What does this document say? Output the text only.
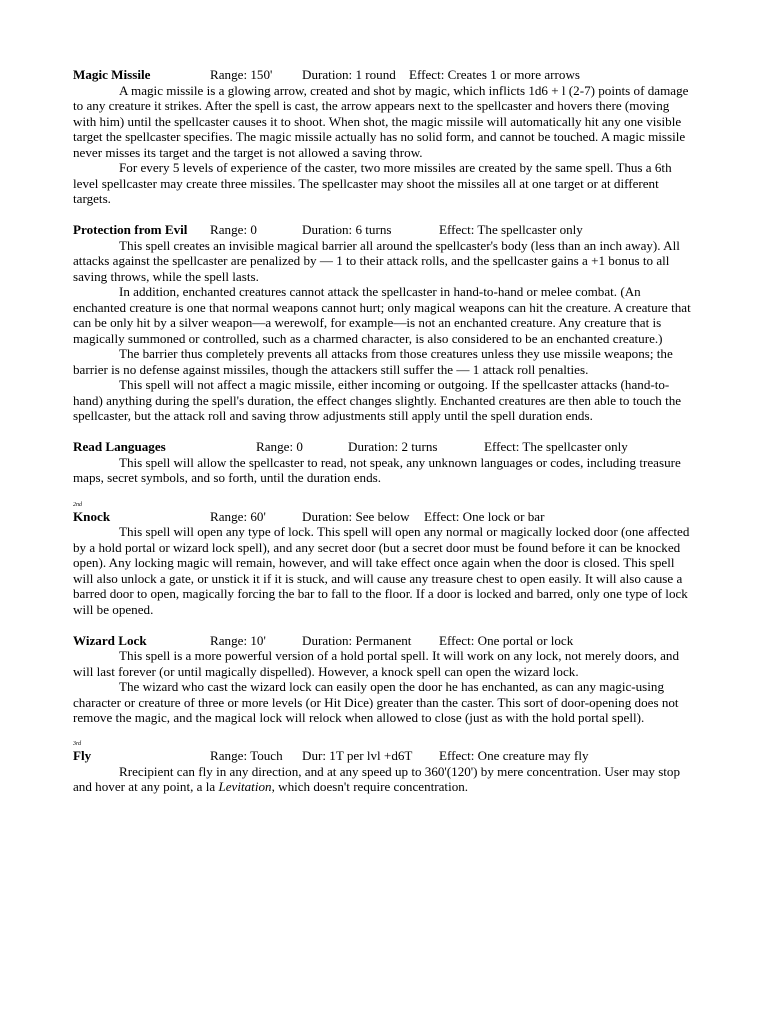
Magic Missile	Range: 150' Duration: 1 round Effect: Creates 1 or more arrows

A magic missile is a glowing arrow, created and shot by magic, which inflicts 1d6 + l (2-7) points of damage to any creature it strikes. After the spell is cast, the arrow appears next to the spellcaster and hovers there (moving with him) until the spellcaster causes it to shoot. When shot, the magic missile will automatically hit any one visible target the spellcaster specifies. The magic missile actually has no solid form, and cannot be touched. A magic missile never misses its target and the target is not allowed a saving throw.

For every 5 levels of experience of the caster, two more missiles are created by the same spell. Thus a 6th level spellcaster may create three missiles. The spellcaster may shoot the missiles all at one target or at different targets.

Protection from Evil Range: 0	Duration: 6 turns	Effect: The spellcaster only

This spell creates an invisible magical barrier all around the spellcaster's body (less than an inch away). All attacks against the spellcaster are penalized by — 1 to their attack rolls, and the spellcaster gains a +1 bonus to all saving throws, while the spell lasts.

In addition, enchanted creatures cannot attack the spellcaster in hand-to-hand or melee combat. (An enchanted creature is one that normal weapons cannot hurt; only magical weapons can hit the creature. A creature that can be only hit by a silver weapon—a werewolf, for example—is not an enchanted creature. Any creature that is magically summoned or controlled, such as a charmed character, is also considered to be an enchanted creature.)

The barrier thus completely prevents all attacks from those creatures unless they use missile weapons; the barrier is no defense against missiles, though the attackers still suffer the — 1 attack roll penalties.

This spell will not affect a magic missile, either incoming or outgoing. If the spellcaster attacks (hand-to-hand) anything during the spell's duration, the effect changes slightly. Enchanted creatures are then able to touch the spellcaster, but the attack roll and saving throw adjustments still apply until the spell duration ends.

Read Languages	Range: 0	Duration: 2 turns	Effect: The spellcaster only

This spell will allow the spellcaster to read, not speak, any unknown languages or codes, including treasure maps, secret symbols, and so forth, until the duration ends.

2nd
Knock	Range: 60'	Duration: See below Effect: One lock or bar

This spell will open any type of lock. This spell will open any normal or magically locked door (one affected by a hold portal or wizard lock spell), and any secret door (but a secret door must be found before it can be knocked open). Any locking magic will remain, however, and will take effect once again when the door is closed. This spell will also unlock a gate, or unstick it if it is stuck, and will cause any treasure chest to open easily. It will also cause a barred door to open, magically forcing the bar to fall to the floor. If a door is locked and barred, only one type of lock will be opened.

Wizard Lock	Range: 10'	Duration: Permanent Effect: One portal or lock

This spell is a more powerful version of a hold portal spell. It will work on any lock, not merely doors, and will last forever (or until magically dispelled). However, a knock spell can open the wizard lock.

The wizard who cast the wizard lock can easily open the door he has enchanted, as can any magic-using character or creature of three or more levels (or Hit Dice) greater than the caster. This sort of door-opening does not remove the magic, and the magical lock will relock when allowed to close (just as with the hold portal spell).

3rd
Fly	Range: Touch Dur: 1T per lvl +d6T Effect: One creature may fly

Rrecipient can fly in any direction, and at any speed up to 360'(120') by mere concentration. User may stop and hover at any point, a la Levitation, which doesn't require concentration.
